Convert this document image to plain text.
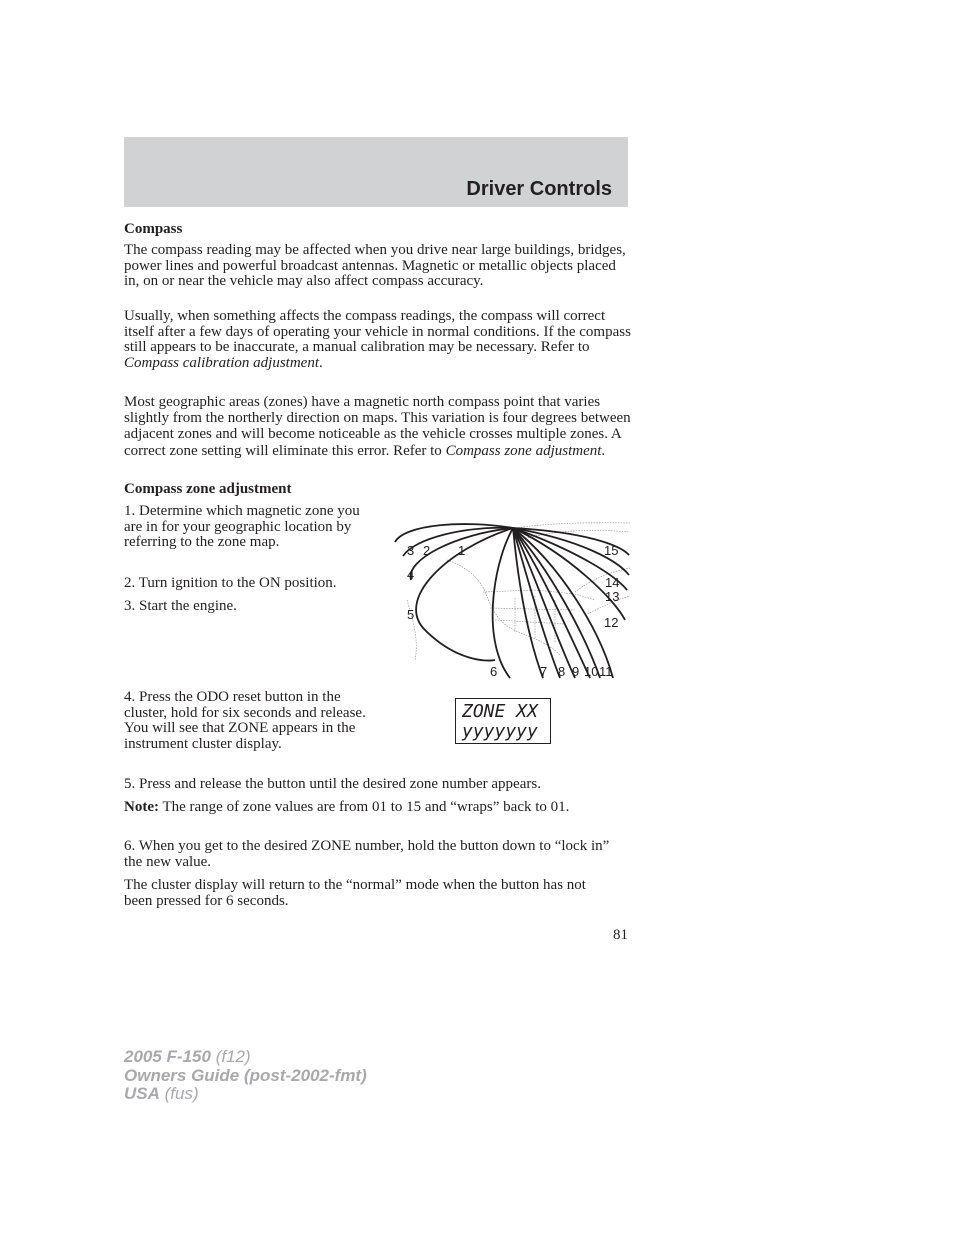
Driver Controls

Compass

The compass reading may be affected when you drive near large buildings, bridges, power lines and powerful broadcast antennas. Magnetic or metallic objects placed in, on or near the vehicle may also affect compass accuracy.

Usually, when something affects the compass readings, the compass will correct itself after a few days of operating your vehicle in normal conditions. If the compass still appears to be inaccurate, a manual calibration may be necessary. Refer to Compass calibration adjustment.

Most geographic areas (zones) have a magnetic north compass point that varies slightly from the northerly direction on maps. This variation is four degrees between adjacent zones and will become noticeable as the vehicle crosses multiple zones. A correct zone setting will eliminate this error. Refer to Compass zone adjustment.

Compass zone adjustment

1. Determine which magnetic zone you are in for your geographic location by referring to the zone map.

2. Turn ignition to the ON position.

3. Start the engine.

1
2
3
4
5
6	7 8 9 10 11
12
13
14
15

4. Press the ODO reset button in the cluster, hold for six seconds and release. You will see that ZONE appears in the instrument cluster display.

ZONE XX
yyyyyyy

5. Press and release the button until the desired zone number appears.

Note: The range of zone values are from 01 to 15 and “wraps” back to 01.

6. When you get to the desired ZONE number, hold the button down to “lock in” the new value.

The cluster display will return to the “normal” mode when the button has not been pressed for 6 seconds.

81
2005 F-150 (f12)
Owners Guide (post-2002-fmt)
USA (fus)
